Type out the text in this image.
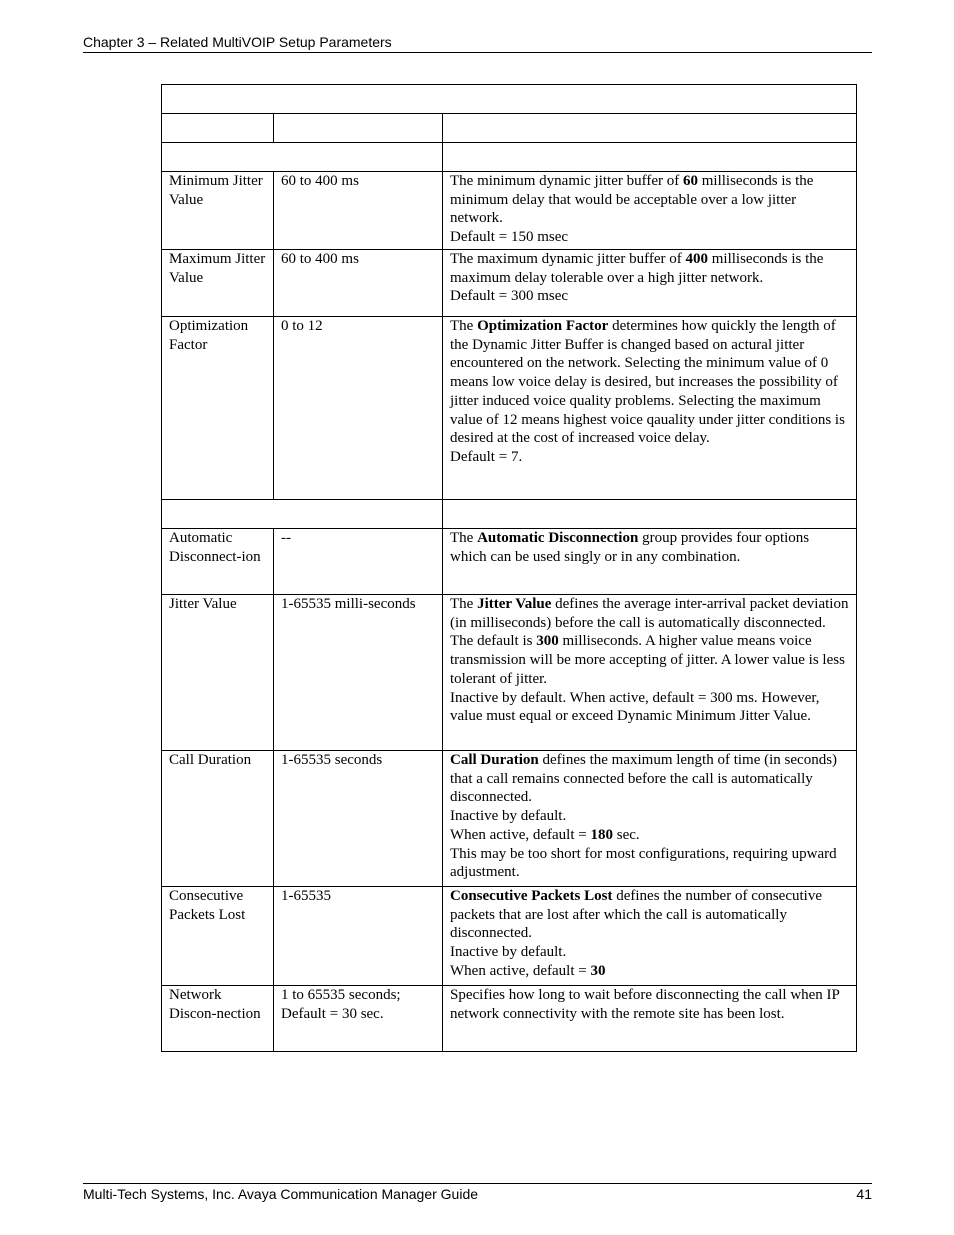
Chapter 3 – Related MultiVOIP Setup Parameters

Minimum Jitter Value	60 to 400 ms	The minimum dynamic jitter buffer of 60 milliseconds is the minimum delay that would be acceptable over a low jitter network.
Default = 150 msec

Maximum Jitter Value	60 to 400 ms	The maximum dynamic jitter buffer of 400 milliseconds is the maximum delay tolerable over a high jitter network.
Default = 300 msec

Optimization Factor	0 to 12	The Optimization Factor determines how quickly the length of the Dynamic Jitter Buffer is changed based on actural jitter encountered on the network. Selecting the minimum value of 0 means low voice delay is desired, but increases the possibility of jitter induced voice quality problems. Selecting the maximum value of 12 means highest voice qauality under jitter conditions is desired at the cost of increased voice delay.
Default = 7.

Automatic Disconnect-ion	--	The Automatic Disconnection group provides four options which can be used singly or in any combination.

Jitter Value	1-65535 milli-seconds	The Jitter Value defines the average inter-arrival packet deviation (in milliseconds) before the call is automatically disconnected. The default is 300 milliseconds. A higher value means voice transmission will be more accepting of jitter. A lower value is less tolerant of jitter.
Inactive by default. When active, default = 300 ms. However, value must equal or exceed Dynamic Minimum Jitter Value.

Call Duration	1-65535 seconds	Call Duration defines the maximum length of time (in seconds) that a call remains connected before the call is automatically disconnected.
Inactive by default.
When active, default = 180 sec.
This may be too short for most configurations, requiring upward adjustment.

Consecutive Packets Lost	1-65535	Consecutive Packets Lost defines the number of consecutive packets that are lost after which the call is automatically disconnected.
Inactive by default.
When active, default = 30

Network Discon-nection	1 to 65535 seconds; Default = 30 sec.	Specifies how long to wait before disconnecting the call when IP network connectivity with the remote site has been lost.
Multi-Tech Systems, Inc. Avaya Communication Manager Guide	41
